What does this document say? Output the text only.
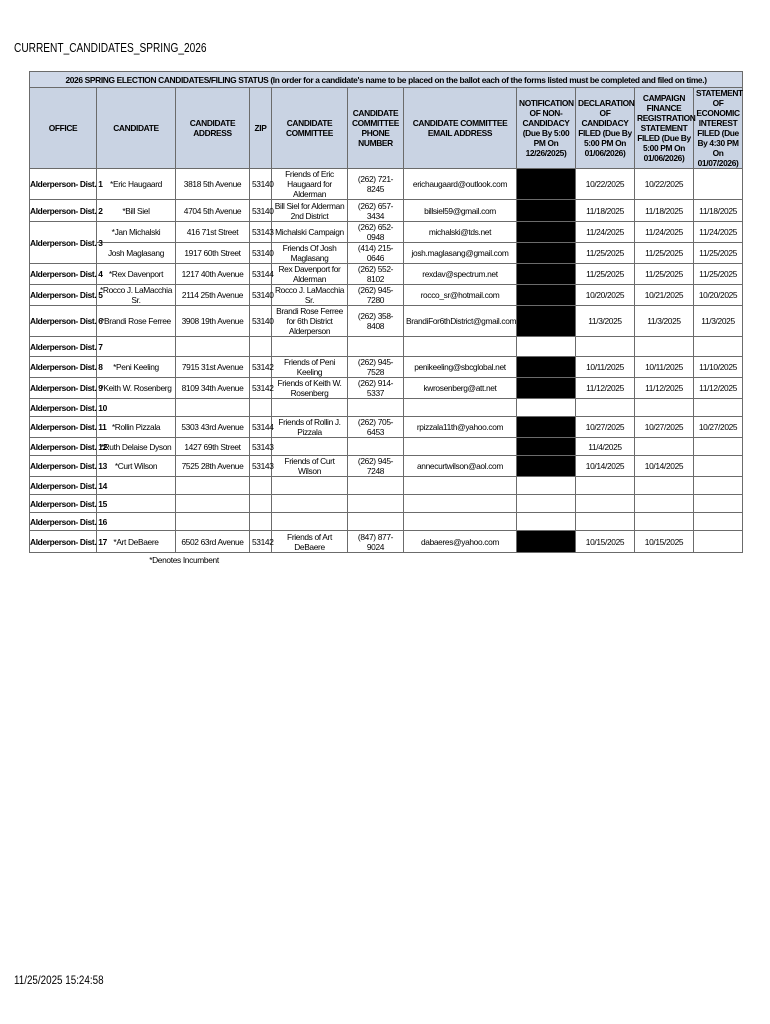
CURRENT_CANDIDATES_SPRING_2026
2026 SPRING ELECTION CANDIDATES/FILING STATUS (In order for a candidate's name to be placed on the ballot each of the forms listed must be completed and filed on time.)										
OFFICE	CANDIDATE	CANDIDATE ADDRESS	ZIP	CANDIDATE COMMITTEE	CANDIDATE COMMITTEE PHONE NUMBER	CANDIDATE COMMITTEE EMAIL ADDRESS	NOTIFICATION OF NON-CANDIDACY (Due By 5:00 PM On 12/26/2025)	DECLARATION OF CANDIDACY FILED (Due By 5:00 PM On 01/06/2026)	CAMPAIGN FINANCE REGISTRATION STATEMENT FILED (Due By 5:00 PM On 01/06/2026)	STATEMENT OF ECONOMIC INTEREST FILED (Due By 4:30 PM On 01/07/2026)

Alderperson- Dist. 1	*Eric Haugaard	3818 5th Avenue	53140	Friends of Eric Haugaard for Alderman	(262) 721-8245	erichaugaard@outlook.com		10/22/2025	10/22/2025	
Alderperson- Dist. 2	*Bill Siel	4704 5th Avenue	53140	Bill Siel for Alderman 2nd District	(262) 657-3434	billsiel59@gmail.com		11/18/2025	11/18/2025	11/18/2025
Alderperson- Dist. 3	*Jan Michalski	416 71st Street	53143	Michalski Campaign	(262) 652-0948	michalski@tds.net		11/24/2025	11/24/2025	11/24/2025

	Josh Maglasang	1917 60th Street	53140	Friends Of Josh Maglasang	(414) 215-0646	josh.maglasang@gmail.com		11/25/2025	11/25/2025	11/25/2025
Alderperson- Dist. 4	*Rex Davenport	1217 40th Avenue	53144	Rex Davenport for Alderman	(262) 552-8102	rexdav@spectrum.net		11/25/2025	11/25/2025	11/25/2025
Alderperson- Dist. 5	*Rocco J. LaMacchia Sr.	2114 25th Avenue	53140	Rocco J. LaMacchia Sr.	(262) 945-7280	rocco_sr@hotmail.com		10/20/2025	10/21/2025	10/20/2025
Alderperson- Dist. 6	*Brandi Rose Ferree	3908 19th Avenue	53140	Brandi Rose Ferree for 6th District Alderperson	(262) 358-8408	BrandiFor6thDistrict@gmail.com		11/3/2025	11/3/2025	11/3/2025
Alderperson- Dist. 7	

Alderperson- Dist. 8	*Peni Keeling	7915 31st Avenue	53142	Friends of Peni Keeling	(262) 945-7528	penikeeling@sbcglobal.net		10/11/2025	10/11/2025	11/10/2025
Alderperson- Dist. 9	*Keith W. Rosenberg	8109 34th Avenue	53142	Friends of Keith W. Rosenberg	(262) 914-5337	kwrosenberg@att.net		11/12/2025	11/12/2025	11/12/2025
Alderperson- Dist. 10	

Alderperson- Dist. 11	*Rollin Pizzala	5303 43rd Avenue	53144	Friends of Rollin J. Pizzala	(262) 705-6453	rpizzala11th@yahoo.com		10/27/2025	10/27/2025	10/27/2025
Alderperson- Dist. 12	*Ruth Delaise Dyson	1427 69th Street	53143					11/4/2025		
Alderperson- Dist. 13	*Curt Wilson	7525 28th Avenue	53143	Friends of Curt Wilson	(262) 945-7248	annecurtwilson@aol.com		10/14/2025	10/14/2025	
Alderperson- Dist. 14	

Alderperson- Dist. 15	

Alderperson- Dist. 16	

Alderperson- Dist. 17	*Art DeBaere	6502 63rd Avenue	53142	Friends of Art DeBaere	(847) 877-9024	dabaeres@yahoo.com		10/15/2025	10/15/2025	
	*Denotes Incumbent									
11/25/2025 15:24:58
